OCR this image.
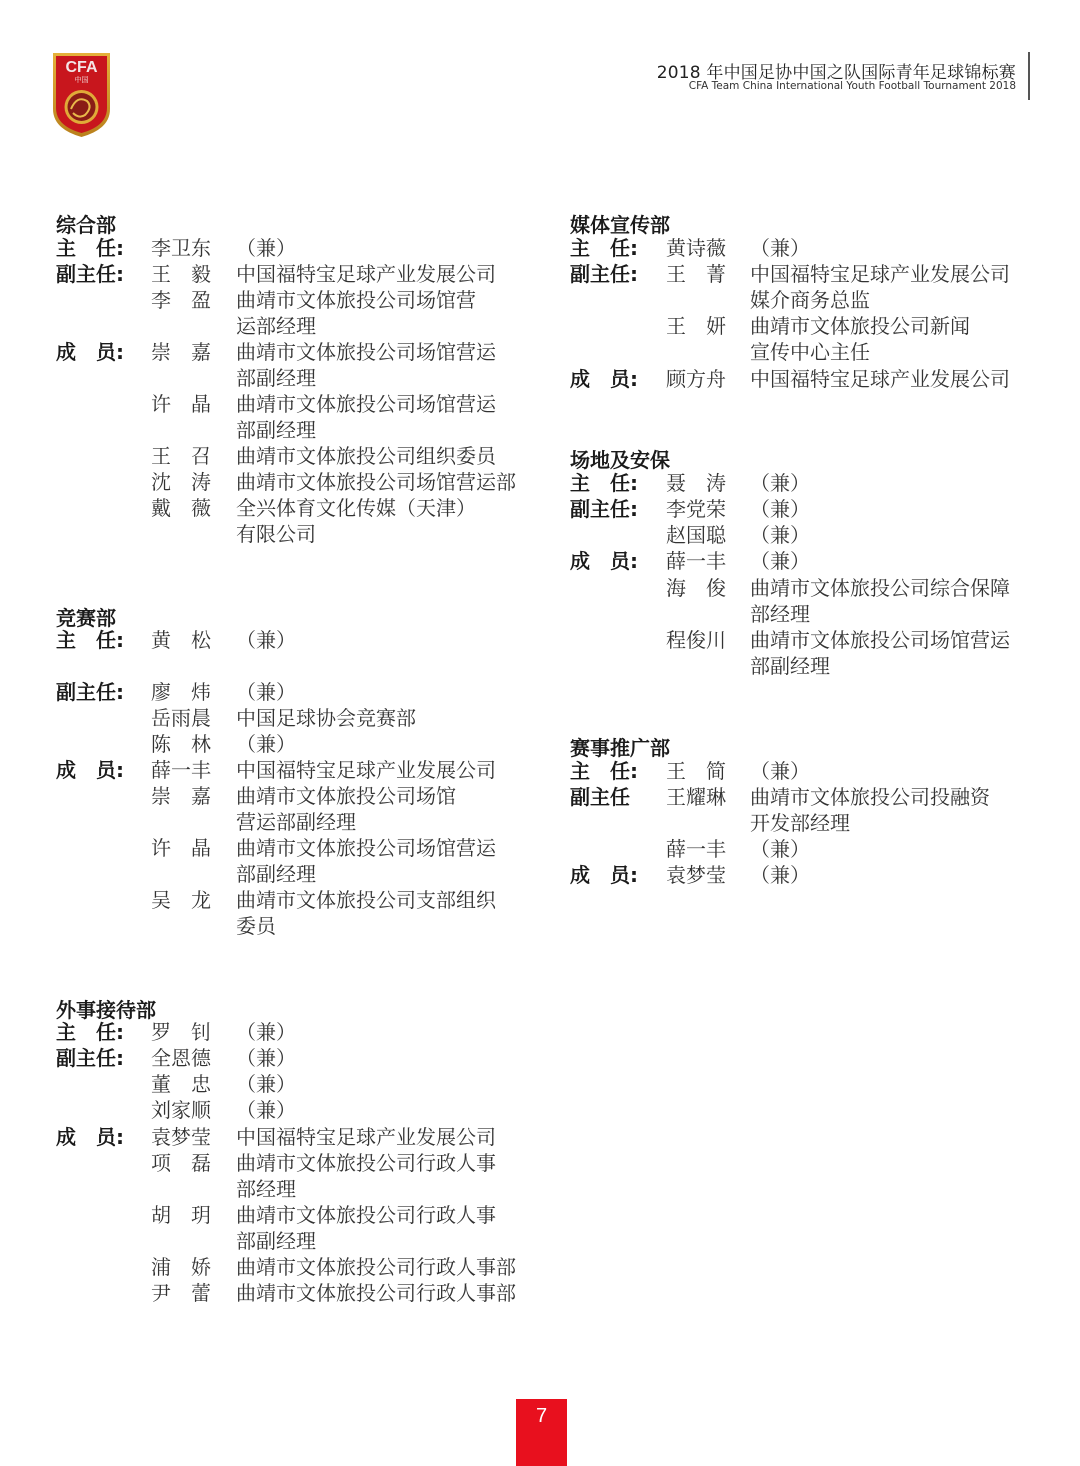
CFA
中国	2018 年中国足协中国之队国际青年足球锦标赛
CFA Team China International Youth Football Tournament 2018
综合部
主　任: 李卫东 （兼）
副主任: 王　毅 中国福特宝足球产业发展公司
李　盈 曲靖市文体旅投公司场馆营
运部经理
成　员: 崇　嘉 曲靖市文体旅投公司场馆营运
部副经理
许　晶 曲靖市文体旅投公司场馆营运
部副经理
王　召 曲靖市文体旅投公司组织委员
沈　涛 曲靖市文体旅投公司场馆营运部
戴　薇 全兴体育文化传媒（天津）
有限公司
竞赛部
主　任: 黄　松 （兼）
副主任: 廖　炜 （兼）
岳雨晨 中国足球协会竞赛部
陈　林 （兼）
成　员: 薛一丰 中国福特宝足球产业发展公司
崇　嘉 曲靖市文体旅投公司场馆
营运部副经理
许　晶 曲靖市文体旅投公司场馆营运
部副经理
吴　龙 曲靖市文体旅投公司支部组织
委员
外事接待部
主　任: 罗　钊 （兼）
副主任: 全恩德 （兼）
董　忠 （兼）
刘家顺 （兼）
成　员: 袁梦莹 中国福特宝足球产业发展公司
项　磊 曲靖市文体旅投公司行政人事
部经理
胡　玥 曲靖市文体旅投公司行政人事
部副经理
浦　娇 曲靖市文体旅投公司行政人事部
尹　蕾 曲靖市文体旅投公司行政人事部
媒体宣传部
主　任: 黄诗薇 （兼）
副主任: 王　菁 中国福特宝足球产业发展公司
媒介商务总监
王　妍 曲靖市文体旅投公司新闻
宣传中心主任
成　员: 顾方舟 中国福特宝足球产业发展公司
场地及安保
主　任: 聂　涛 （兼）
副主任: 李党荣 （兼）
赵国聪 （兼）
成　员: 薛一丰 （兼）
海　俊 曲靖市文体旅投公司综合保障
部经理
程俊川 曲靖市文体旅投公司场馆营运
部副经理
赛事推广部
主　任: 王　简 （兼）
副主任 王耀琳 曲靖市文体旅投公司投融资
开发部经理
薛一丰 （兼）
成　员: 袁梦莹 （兼）
7
